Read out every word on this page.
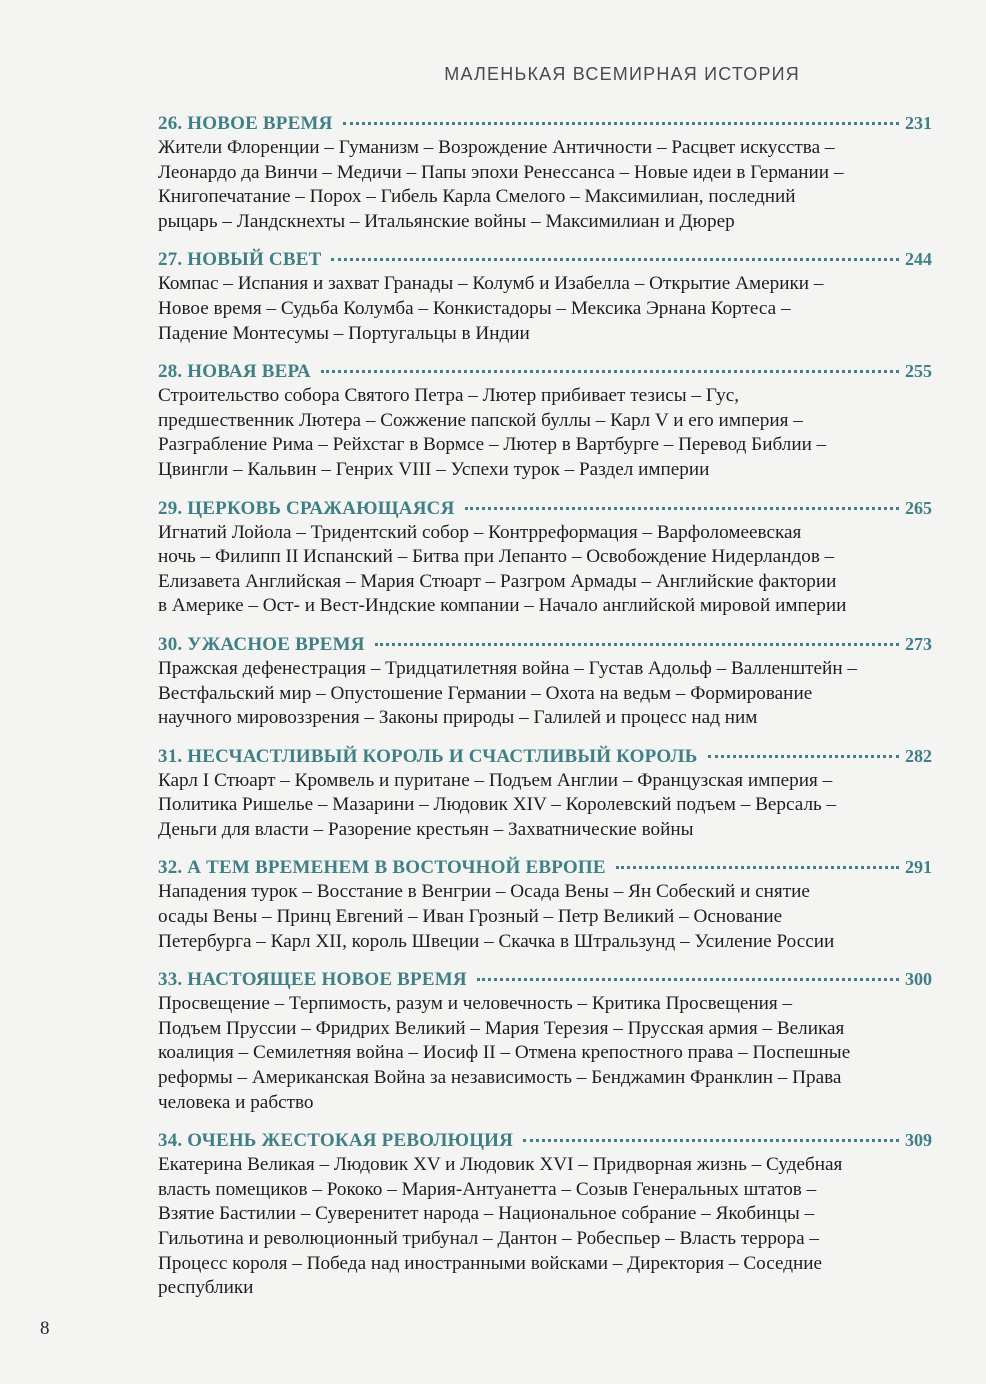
МАЛЕНЬКАЯ ВСЕМИРНАЯ ИСТОРИЯ
26. НОВОЕ ВРЕМЯ	231
Жители Флоренции – Гуманизм – Возрождение Античности – Расцвет искусства –
Леонардо да Винчи – Медичи – Папы эпохи Ренессанса – Новые идеи в Германии –
Книгопечатание – Порох – Гибель Карла Смелого – Максимилиан, последний
рыцарь – Ландскнехты – Итальянские войны – Максимилиан и Дюрер
27. НОВЫЙ СВЕТ	244
Компас – Испания и захват Гранады – Колумб и Изабелла – Открытие Америки –
Новое время – Судьба Колумба – Конкистадоры – Мексика Эрнана Кортеса –
Падение Монтесумы – Португальцы в Индии
28. НОВАЯ ВЕРА	255
Строительство собора Святого Петра – Лютер прибивает тезисы – Гус,
предшественник Лютера – Сожжение папской буллы – Карл V и его империя –
Разграбление Рима – Рейхстаг в Вормсе – Лютер в Вартбурге – Перевод Библии –
Цвингли – Кальвин – Генрих VIII – Успехи турок – Раздел империи
29. ЦЕРКОВЬ СРАЖАЮЩАЯСЯ	265
Игнатий Лойола – Тридентский собор – Контрреформация – Варфоломеевская
ночь – Филипп II Испанский – Битва при Лепанто – Освобождение Нидерландов –
Елизавета Английская – Мария Стюарт – Разгром Армады – Английские фактории
в Америке – Ост- и Вест-Индские компании – Начало английской мировой империи
30. УЖАСНОЕ ВРЕМЯ	273
Пражская дефенестрация – Тридцатилетняя война – Густав Адольф – Валленштейн –
Вестфальский мир – Опустошение Германии – Охота на ведьм – Формирование
научного мировоззрения – Законы природы – Галилей и процесс над ним
31. НЕСЧАСТЛИВЫЙ КОРОЛЬ И СЧАСТЛИВЫЙ КОРОЛЬ	282
Карл I Стюарт – Кромвель и пуритане – Подъем Англии – Французская империя –
Политика Ришелье – Мазарини – Людовик XIV – Королевский подъем – Версаль –
Деньги для власти – Разорение крестьян – Захватнические войны
32. А ТЕМ ВРЕМЕНЕМ В ВОСТОЧНОЙ ЕВРОПЕ	291
Нападения турок – Восстание в Венгрии – Осада Вены – Ян Собеский и снятие
осады Вены – Принц Евгений – Иван Грозный – Петр Великий – Основание
Петербурга – Карл XII, король Швеции – Скачка в Штральзунд – Усиление России
33. НАСТОЯЩЕЕ НОВОЕ ВРЕМЯ	300
Просвещение – Терпимость, разум и человечность – Критика Просвещения –
Подъем Пруссии – Фридрих Великий – Мария Терезия – Прусская армия – Великая
коалиция – Семилетняя война – Иосиф II – Отмена крепостного права – Поспешные
реформы – Американская Война за независимость – Бенджамин Франклин – Права
человека и рабство
34. ОЧЕНЬ ЖЕСТОКАЯ РЕВОЛЮЦИЯ	309
Екатерина Великая – Людовик XV и Людовик XVI – Придворная жизнь – Судебная
власть помещиков – Рококо – Мария-Антуанетта – Созыв Генеральных штатов –
Взятие Бастилии – Суверенитет народа – Национальное собрание – Якобинцы –
Гильотина и революционный трибунал – Дантон – Робеспьер – Власть террора –
Процесс короля – Победа над иностранными войсками – Директория – Соседние
республики
8
